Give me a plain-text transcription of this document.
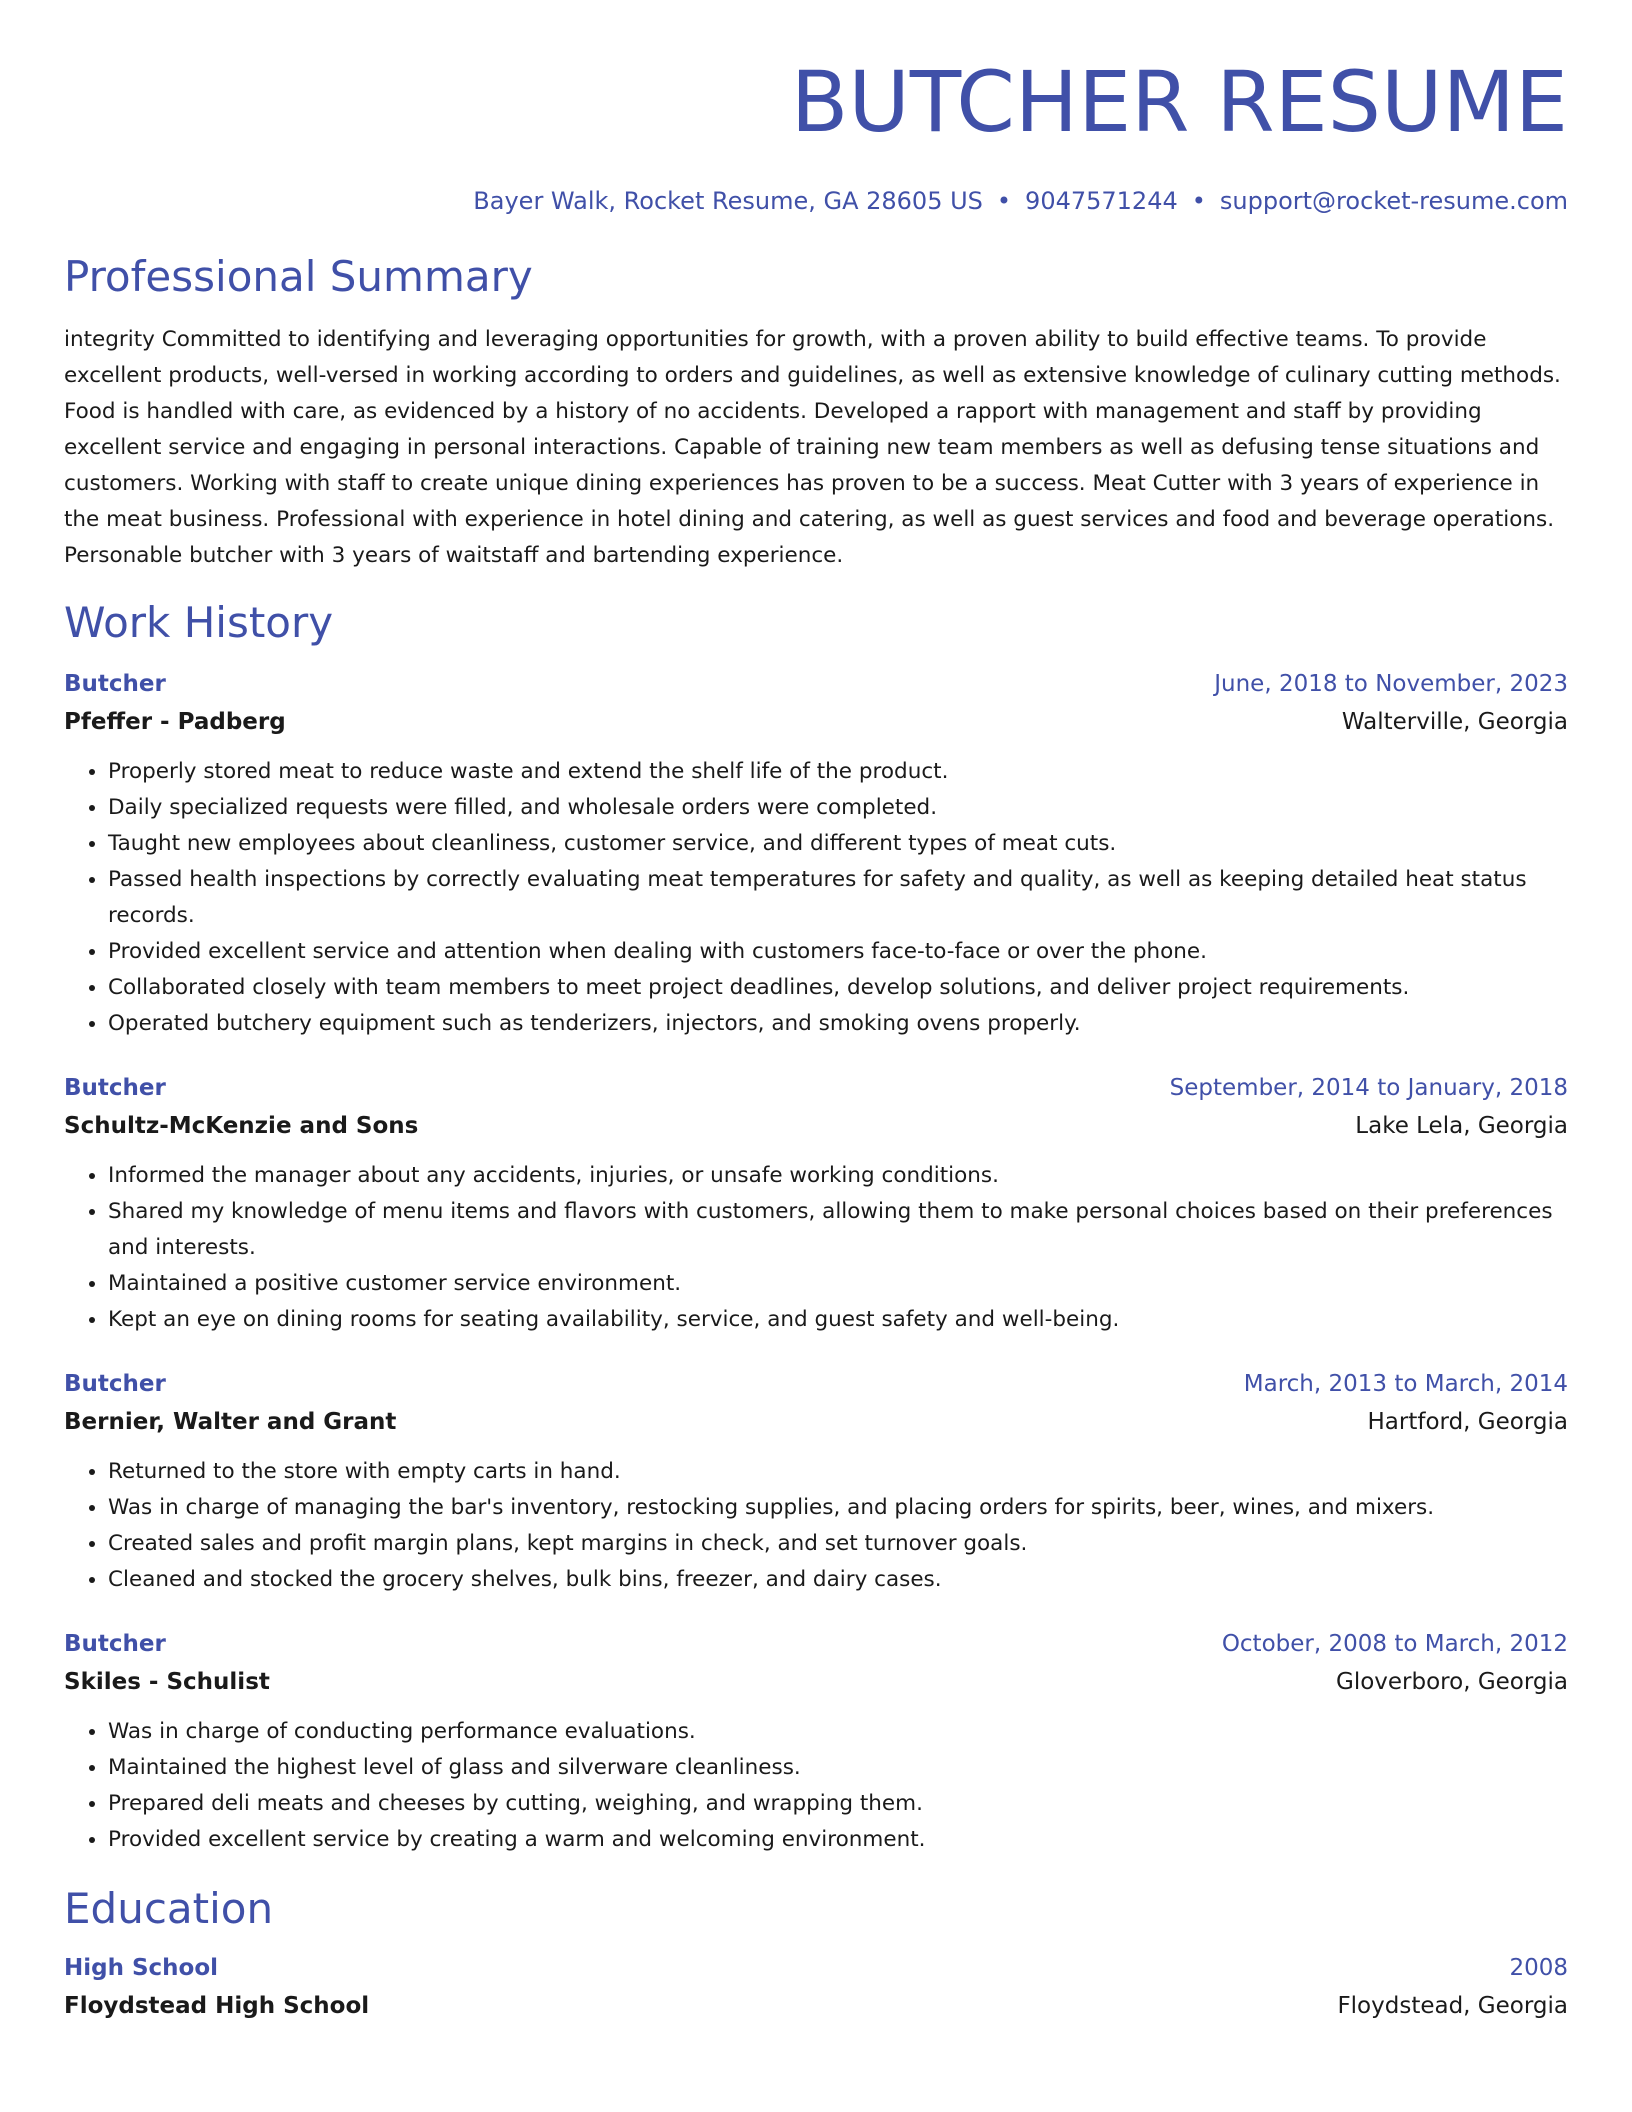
BUTCHER RESUME
Bayer Walk, Rocket Resume, GA 28605 US • 9047571244 • support@rocket-resume.com
Professional Summary
integrity Committed to identifying and leveraging opportunities for growth, with a proven ability to build effective teams. To provide excellent products, well-versed in working according to orders and guidelines, as well as extensive knowledge of culinary cutting methods. Food is handled with care, as evidenced by a history of no accidents. Developed a rapport with management and staff by providing excellent service and engaging in personal interactions. Capable of training new team members as well as defusing tense situations and customers. Working with staff to create unique dining experiences has proven to be a success. Meat Cutter with 3 years of experience in the meat business. Professional with experience in hotel dining and catering, as well as guest services and food and beverage operations. Personable butcher with 3 years of waitstaff and bartending experience.
Work History
Butcher	June, 2018 to November, 2023
Pfeffer - Padberg	Walterville, Georgia
• Properly stored meat to reduce waste and extend the shelf life of the product.
• Daily specialized requests were filled, and wholesale orders were completed.
• Taught new employees about cleanliness, customer service, and different types of meat cuts.
• Passed health inspections by correctly evaluating meat temperatures for safety and quality, as well as keeping detailed heat status records.
• Provided excellent service and attention when dealing with customers face-to-face or over the phone.
• Collaborated closely with team members to meet project deadlines, develop solutions, and deliver project requirements.
• Operated butchery equipment such as tenderizers, injectors, and smoking ovens properly.
Butcher	September, 2014 to January, 2018
Schultz-McKenzie and Sons	Lake Lela, Georgia
• Informed the manager about any accidents, injuries, or unsafe working conditions.
• Shared my knowledge of menu items and flavors with customers, allowing them to make personal choices based on their preferences and interests.
• Maintained a positive customer service environment.
• Kept an eye on dining rooms for seating availability, service, and guest safety and well-being.
Butcher	March, 2013 to March, 2014
Bernier, Walter and Grant	Hartford, Georgia
• Returned to the store with empty carts in hand.
• Was in charge of managing the bar's inventory, restocking supplies, and placing orders for spirits, beer, wines, and mixers.
• Created sales and profit margin plans, kept margins in check, and set turnover goals.
• Cleaned and stocked the grocery shelves, bulk bins, freezer, and dairy cases.
Butcher	October, 2008 to March, 2012
Skiles - Schulist	Gloverboro, Georgia
• Was in charge of conducting performance evaluations.
• Maintained the highest level of glass and silverware cleanliness.
• Prepared deli meats and cheeses by cutting, weighing, and wrapping them.
• Provided excellent service by creating a warm and welcoming environment.
Education
High School	2008
Floydstead High School	Floydstead, Georgia
